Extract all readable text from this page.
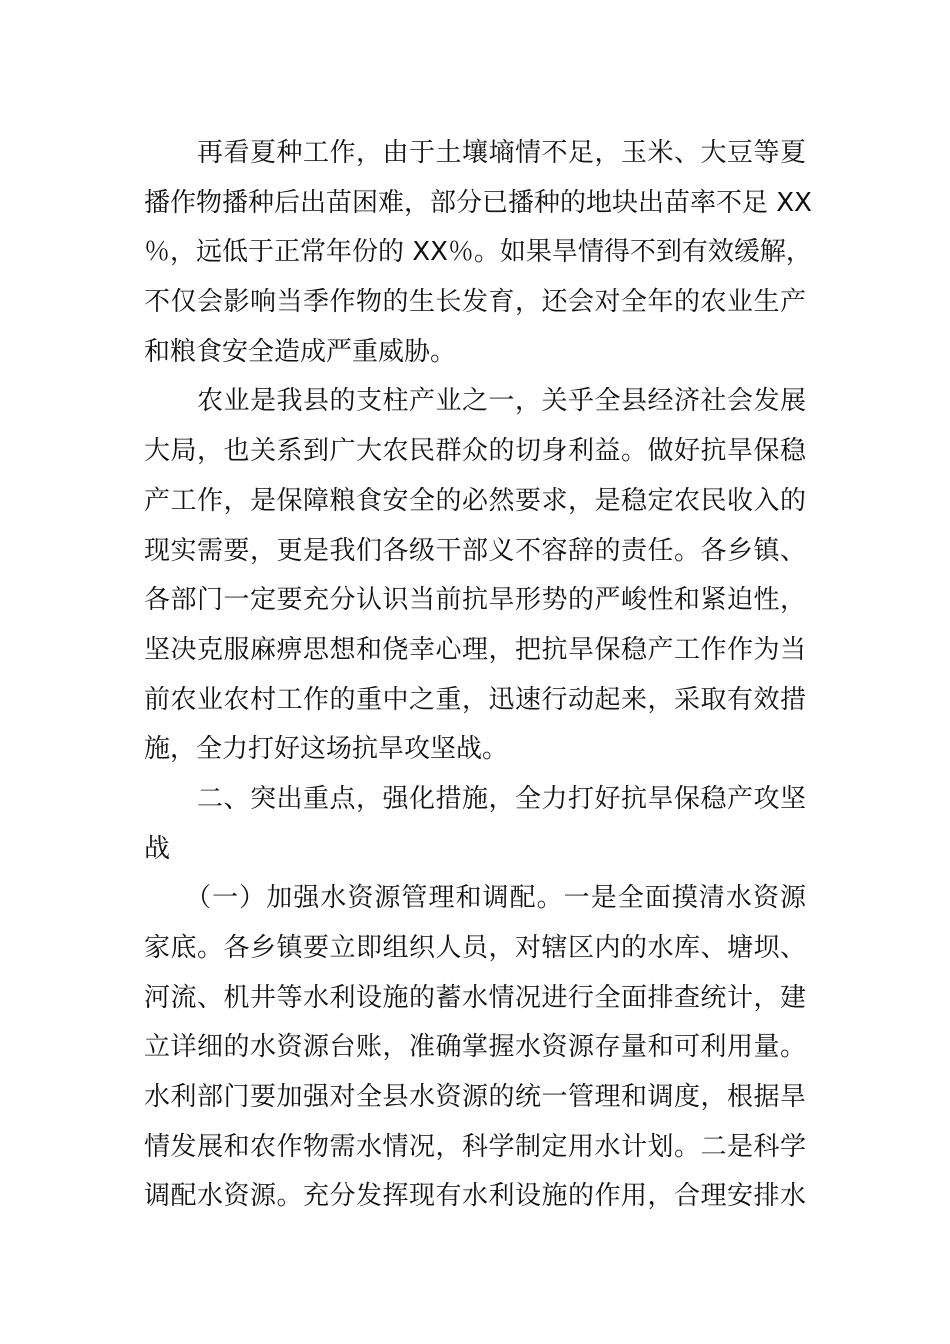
　　再看夏种工作，由于土壤墒情不足，玉米、大豆等夏
播作物播种后出苗困难，部分已播种的地块出苗率不足 XX
％，远低于正常年份的 XX％。如果旱情得不到有效缓解，
不仅会影响当季作物的生长发育，还会对全年的农业生产
和粮食安全造成严重威胁。
　　农业是我县的支柱产业之一，关乎全县经济社会发展
大局，也关系到广大农民群众的切身利益。做好抗旱保稳
产工作，是保障粮食安全的必然要求，是稳定农民收入的
现实需要，更是我们各级干部义不容辞的责任。各乡镇、
各部门一定要充分认识当前抗旱形势的严峻性和紧迫性，
坚决克服麻痹思想和侥幸心理，把抗旱保稳产工作作为当
前农业农村工作的重中之重，迅速行动起来，采取有效措
施，全力打好这场抗旱攻坚战。
　　二、突出重点，强化措施，全力打好抗旱保稳产攻坚
战
　　（一）加强水资源管理和调配。一是全面摸清水资源
家底。各乡镇要立即组织人员，对辖区内的水库、塘坝、
河流、机井等水利设施的蓄水情况进行全面排查统计，建
立详细的水资源台账，准确掌握水资源存量和可利用量。
水利部门要加强对全县水资源的统一管理和调度，根据旱
情发展和农作物需水情况，科学制定用水计划。二是科学
调配水资源。充分发挥现有水利设施的作用，合理安排水
